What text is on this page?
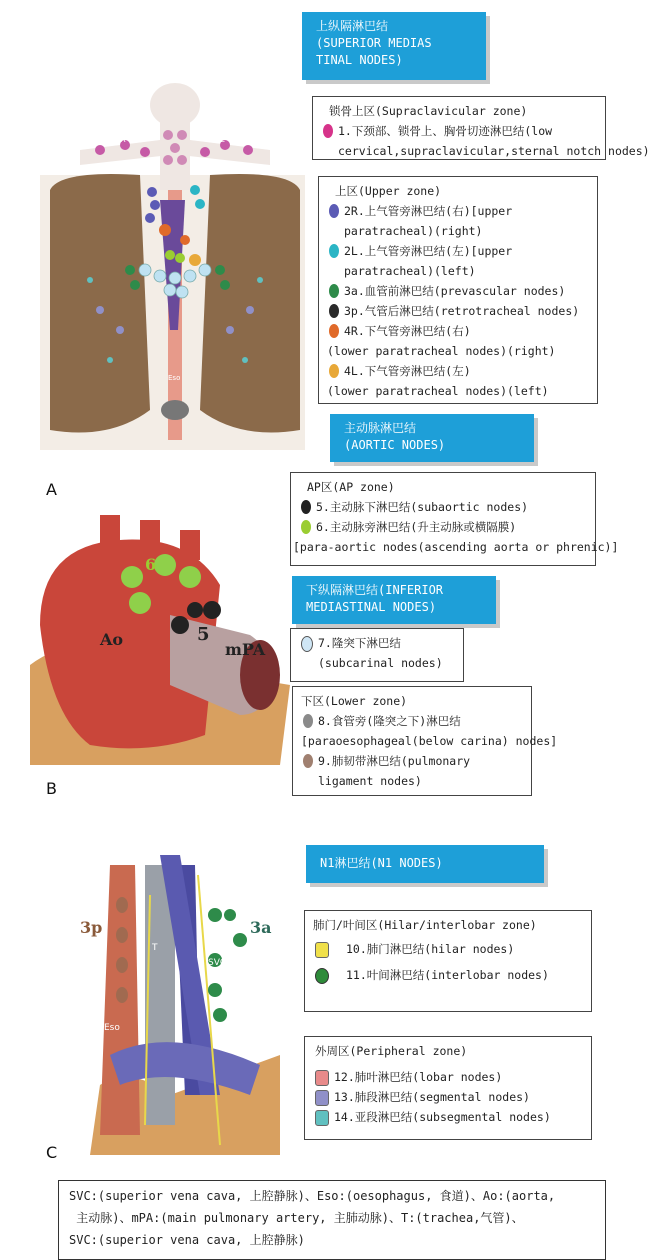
1R	1L
Eso
A
Ao
mPA
5
6
B
3p	3a
T
SVC
Eso
C
上纵隔淋巴结
(SUPERIOR MEDIAS
TINAL NODES)
锁骨上区(Supraclavicular zone)
1.下颈部、锁骨上、胸骨切迹淋巴结(low
cervical,supraclavicular,sternal notch nodes)
上区(Upper zone)
2R.上气管旁淋巴结(右)[upper
paratracheal)(right)
2L.上气管旁淋巴结(左)[upper
paratracheal)(left)
3a.血管前淋巴结(prevascular nodes)
3p.气管后淋巴结(retrotracheal nodes)
4R.下气管旁淋巴结(右)
(lower paratracheal nodes)(right)
4L.下气管旁淋巴结(左)
(lower paratracheal nodes)(left)
主动脉淋巴结
(AORTIC NODES)
AP区(AP zone)
5.主动脉下淋巴结(subaortic nodes)
6.主动脉旁淋巴结(升主动脉或横隔膜)
[para-aortic nodes(ascending aorta or phrenic)]
下纵隔淋巴结(INFERIOR
MEDIASTINAL NODES)
7.隆突下淋巴结
(subcarinal nodes)
下区(Lower zone)
8.食管旁(隆突之下)淋巴结
[paraoesophageal(below carina) nodes]
9.肺韧带淋巴结(pulmonary
ligament nodes)
N1淋巴结(N1 NODES)
肺门/叶间区(Hilar/interlobar zone)
10.肺门淋巴结(hilar nodes)
11.叶间淋巴结(interlobar nodes)
外周区(Peripheral zone)
12.肺叶淋巴结(lobar nodes)
13.肺段淋巴结(segmental nodes)
14.亚段淋巴结(subsegmental nodes)
SVC:(superior vena cava, 上腔静脉)、Eso:(oesophagus, 食道)、Ao:(aorta,
主动脉)、mPA:(main pulmonary artery, 主肺动脉)、T:(trachea,气管)、
SVC:(superior vena cava, 上腔静脉)
